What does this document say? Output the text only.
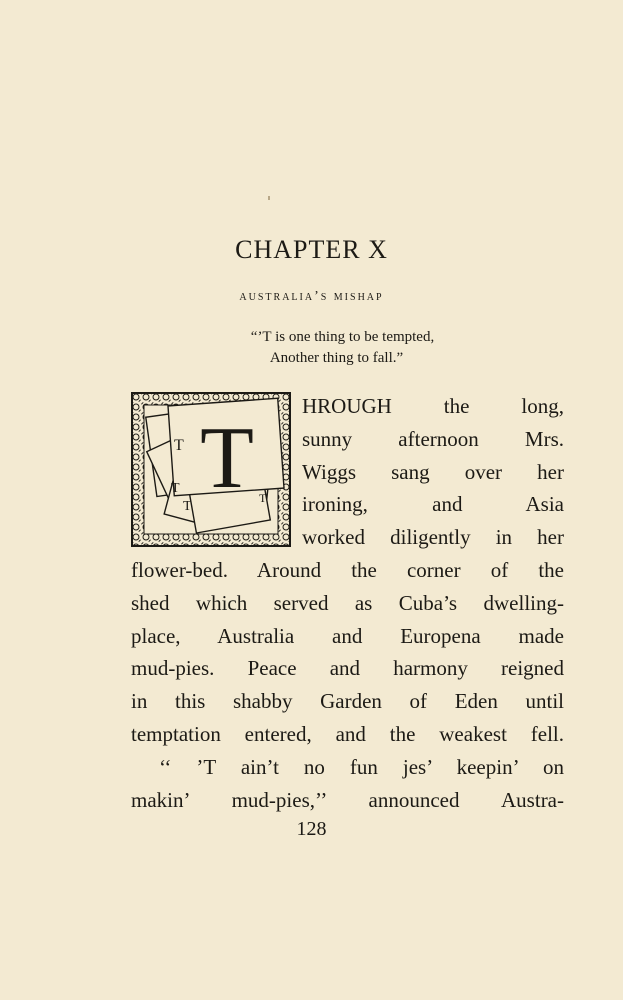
CHAPTER X
australia’s mishap
“’T is one thing to be tempted,
Another thing to fall.”
T
T
T
T
T
HROUGH the long,
sunny afternoon Mrs.
Wiggs sang over her
ironing, and Asia
worked diligently in her
flower-bed. Around the corner of the
shed which served as Cuba’s dwelling-
place, Australia and Europena made
mud-pies. Peace and harmony reigned
in this shabby Garden of Eden until
temptation entered, and the weakest fell.
‘‘ ’T ain’t no fun jes’ keepin’ on
makin’ mud-pies,’’ announced Austra-
128
